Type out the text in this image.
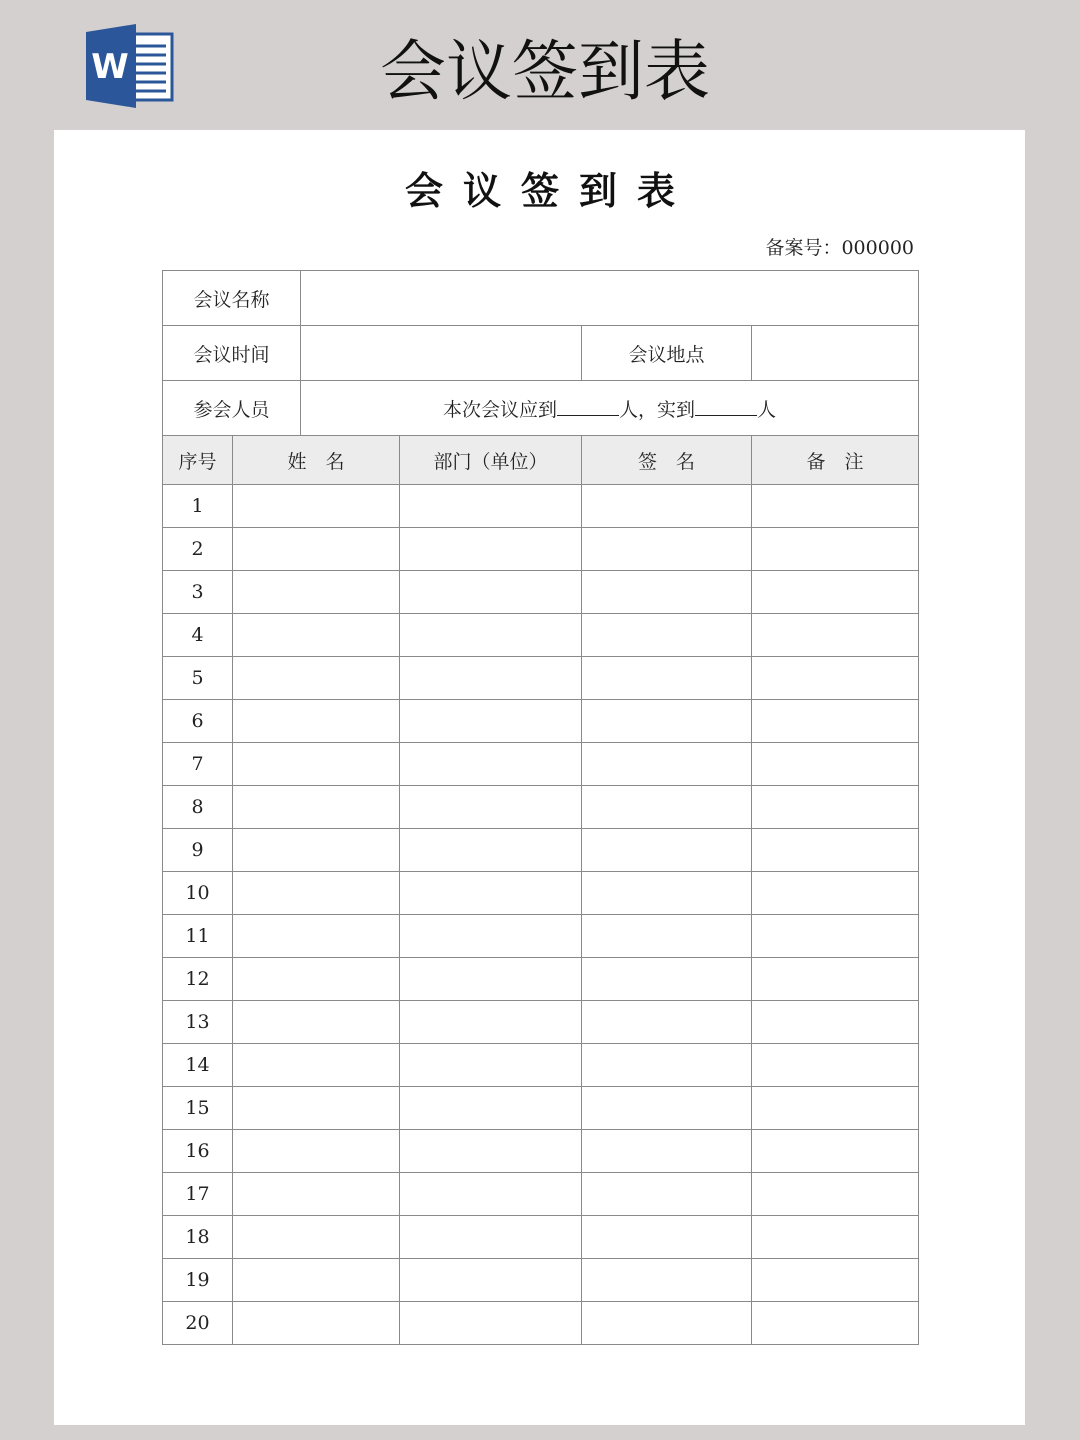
W	会议签到表
会议签到表
备案号：000000
会议名称					
会议时间				会议地点	
参会人员		本次会议应到 人，实到 人			
序号	姓　名		部门（单位）	签　名	备　注
1					
2					
3					
4					
5					
6					
7					
8					
9					
10					
11					
12					
13					
14					
15					
16					
17					
18					
19					
20					
